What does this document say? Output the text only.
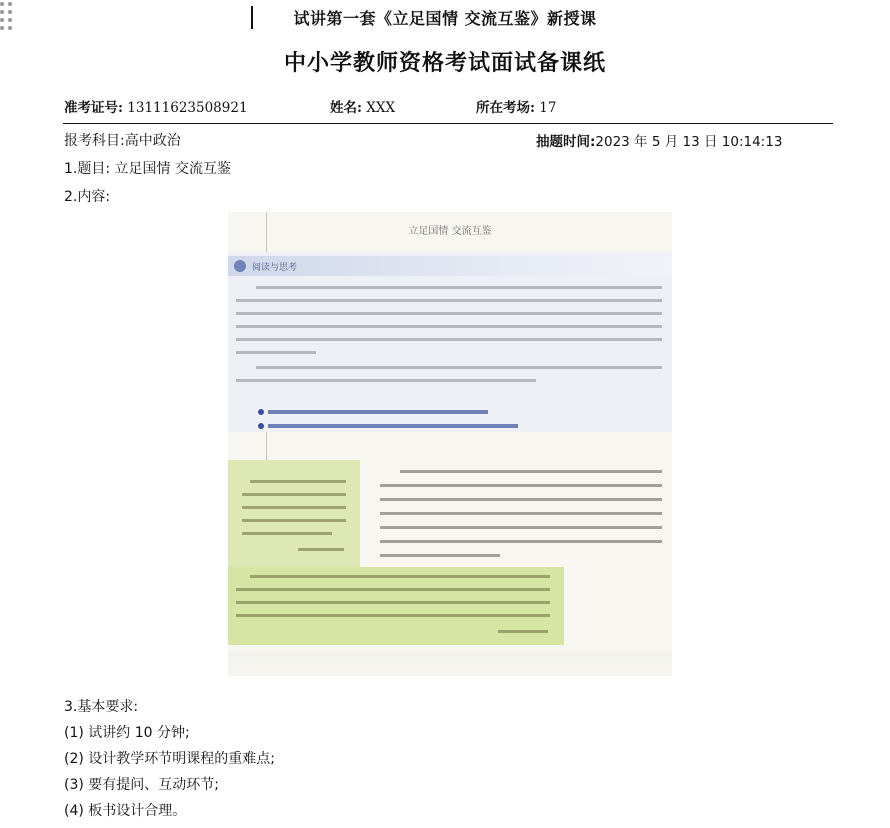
试讲第一套《立足国情 交流互鉴》新授课
中小学教师资格考试面试备课纸
准考证号: 13111623508921	姓名: XXX	所在考场: 17
报考科目:高中政治	抽题时间:2023 年 5 月 13 日 10:14:13
1.题目: 立足国情 交流互鉴
2.内容:
立足国情 交流互鉴
阅读与思考
3.基本要求:
(1) 试讲约 10 分钟;
(2) 设计教学环节明课程的重难点;
(3) 要有提问、互动环节;
(4) 板书设计合理。
